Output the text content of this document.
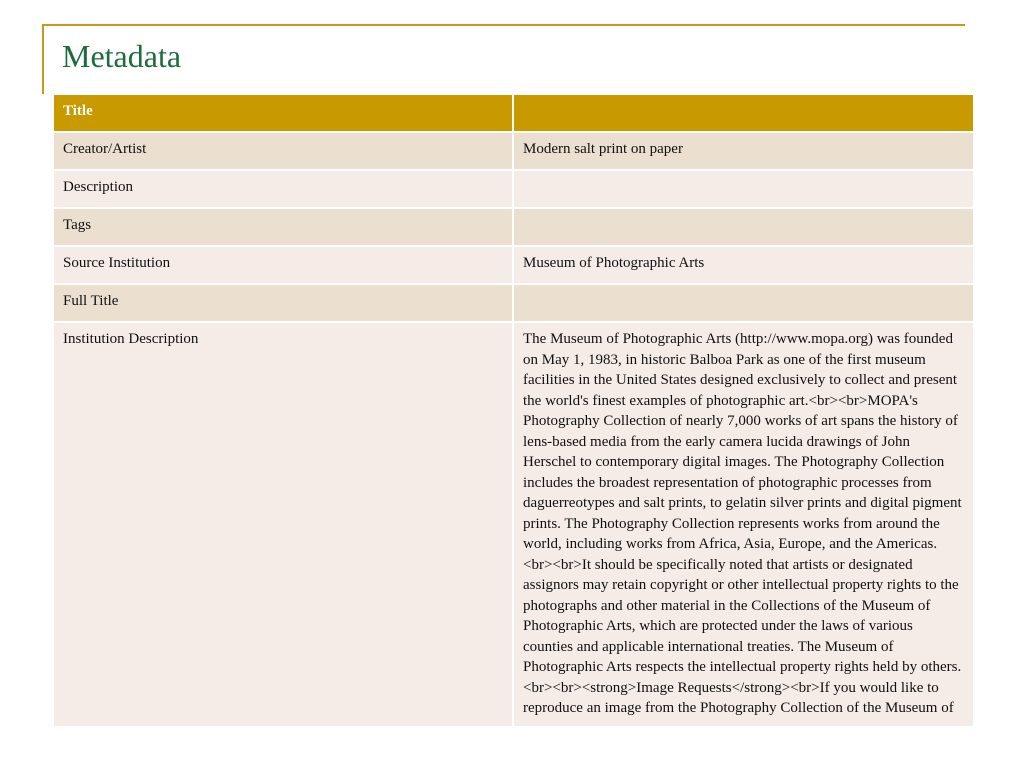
Metadata
Title	
Creator/Artist	Modern salt print on paper
Description	
Tags	
Source Institution	Museum of Photographic Arts
Full Title	
Institution Description	The Museum of Photographic Arts (http://www.mopa.org) was founded on May 1, 1983, in historic Balboa Park as one of the first museum facilities in the United States designed exclusively to collect and present the world's finest examples of photographic art.<br><br>MOPA's Photography Collection of nearly 7,000 works of art spans the history of lens-based media from the early camera lucida drawings of John Herschel to contemporary digital images. The Photography Collection includes the broadest representation of photographic processes from daguerreotypes and salt prints, to gelatin silver prints and digital pigment prints. The Photography Collection represents works from around the world, including works from Africa, Asia, Europe, and the Americas.<br><br>It should be specifically noted that artists or designated assignors may retain copyright or other intellectual property rights to the photographs and other material in the Collections of the Museum of Photographic Arts, which are protected under the laws of various counties and applicable international treaties. The Museum of Photographic Arts respects the intellectual property rights held by others.<br><br><strong>Image Requests</strong><br>If you would like to reproduce an image from the Photography Collection of the Museum of
